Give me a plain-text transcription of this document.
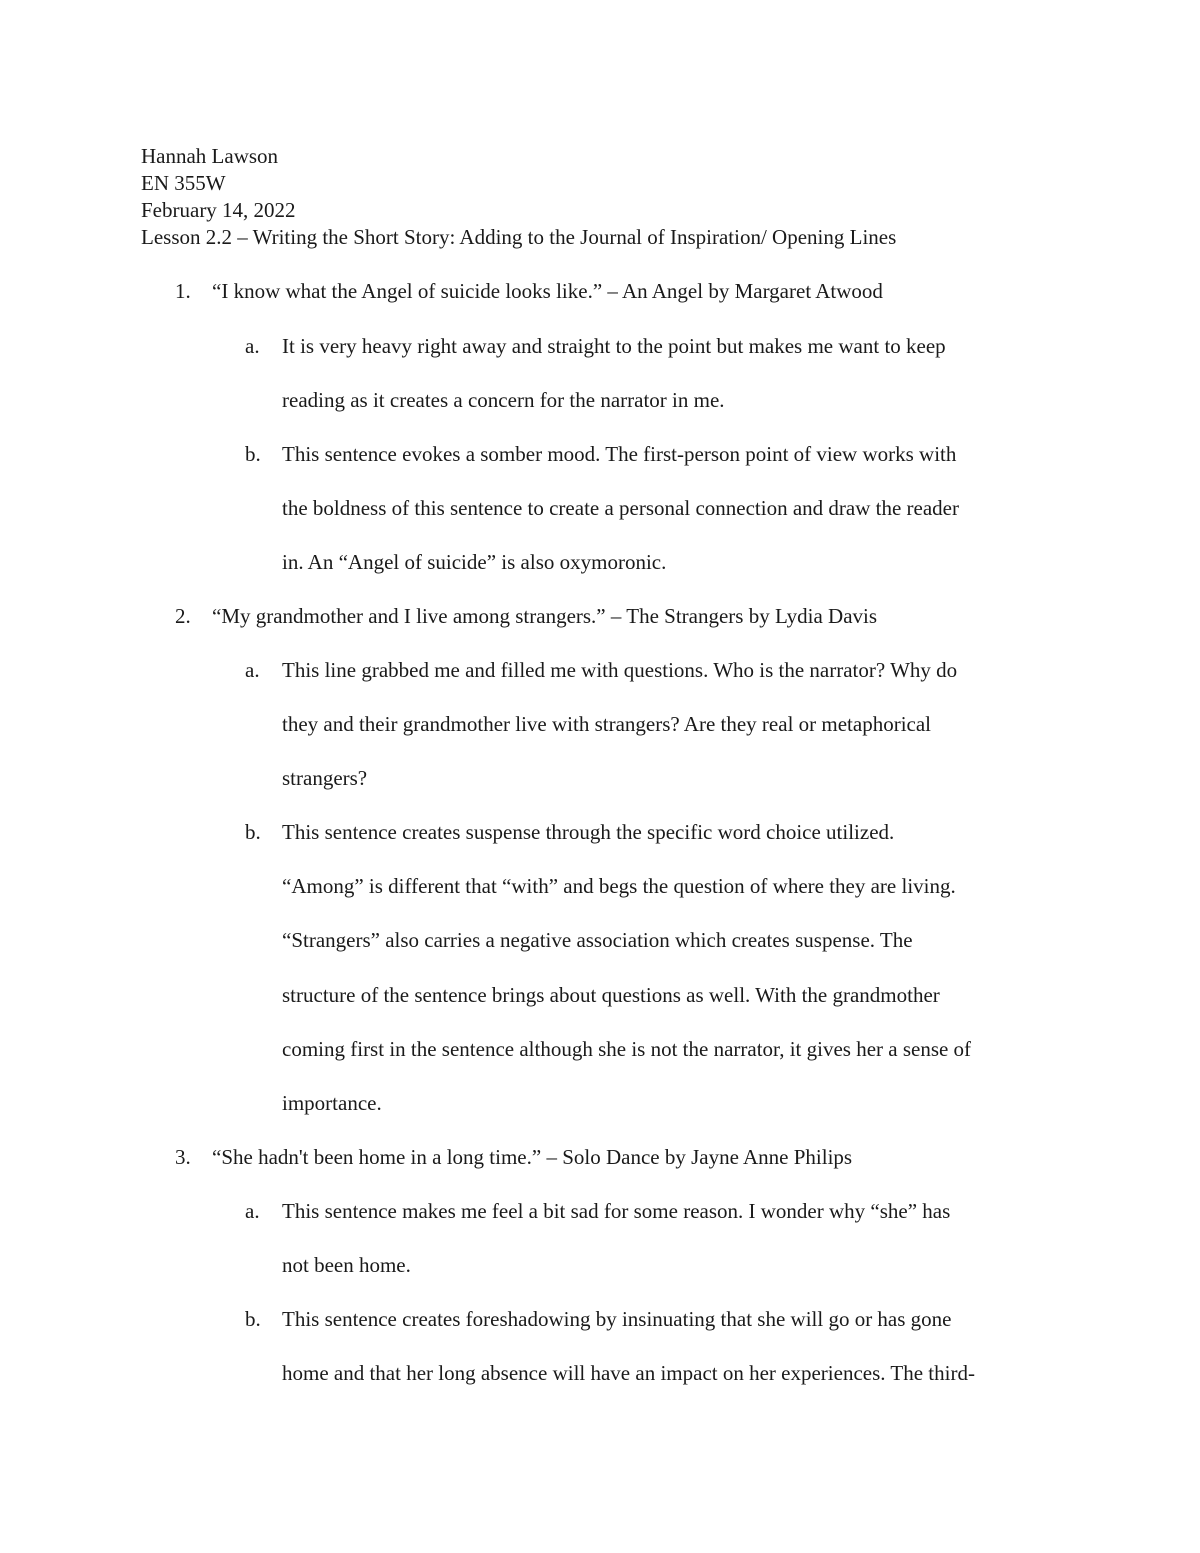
Hannah Lawson
EN 355W
February 14, 2022
Lesson 2.2 – Writing the Short Story: Adding to the Journal of Inspiration/ Opening Lines
1. “I know what the Angel of suicide looks like.” – An Angel by Margaret Atwood
a. It is very heavy right away and straight to the point but makes me want to keep
reading as it creates a concern for the narrator in me.
b. This sentence evokes a somber mood. The first-person point of view works with
the boldness of this sentence to create a personal connection and draw the reader
in. An “Angel of suicide” is also oxymoronic.
2. “My grandmother and I live among strangers.” – The Strangers by Lydia Davis
a. This line grabbed me and filled me with questions. Who is the narrator? Why do
they and their grandmother live with strangers? Are they real or metaphorical
strangers?
b. This sentence creates suspense through the specific word choice utilized.
“Among” is different that “with” and begs the question of where they are living.
“Strangers” also carries a negative association which creates suspense. The
structure of the sentence brings about questions as well. With the grandmother
coming first in the sentence although she is not the narrator, it gives her a sense of
importance.
3. “She hadn't been home in a long time.” – Solo Dance by Jayne Anne Philips
a. This sentence makes me feel a bit sad for some reason. I wonder why “she” has
not been home.
b. This sentence creates foreshadowing by insinuating that she will go or has gone
home and that her long absence will have an impact on her experiences. The third-
